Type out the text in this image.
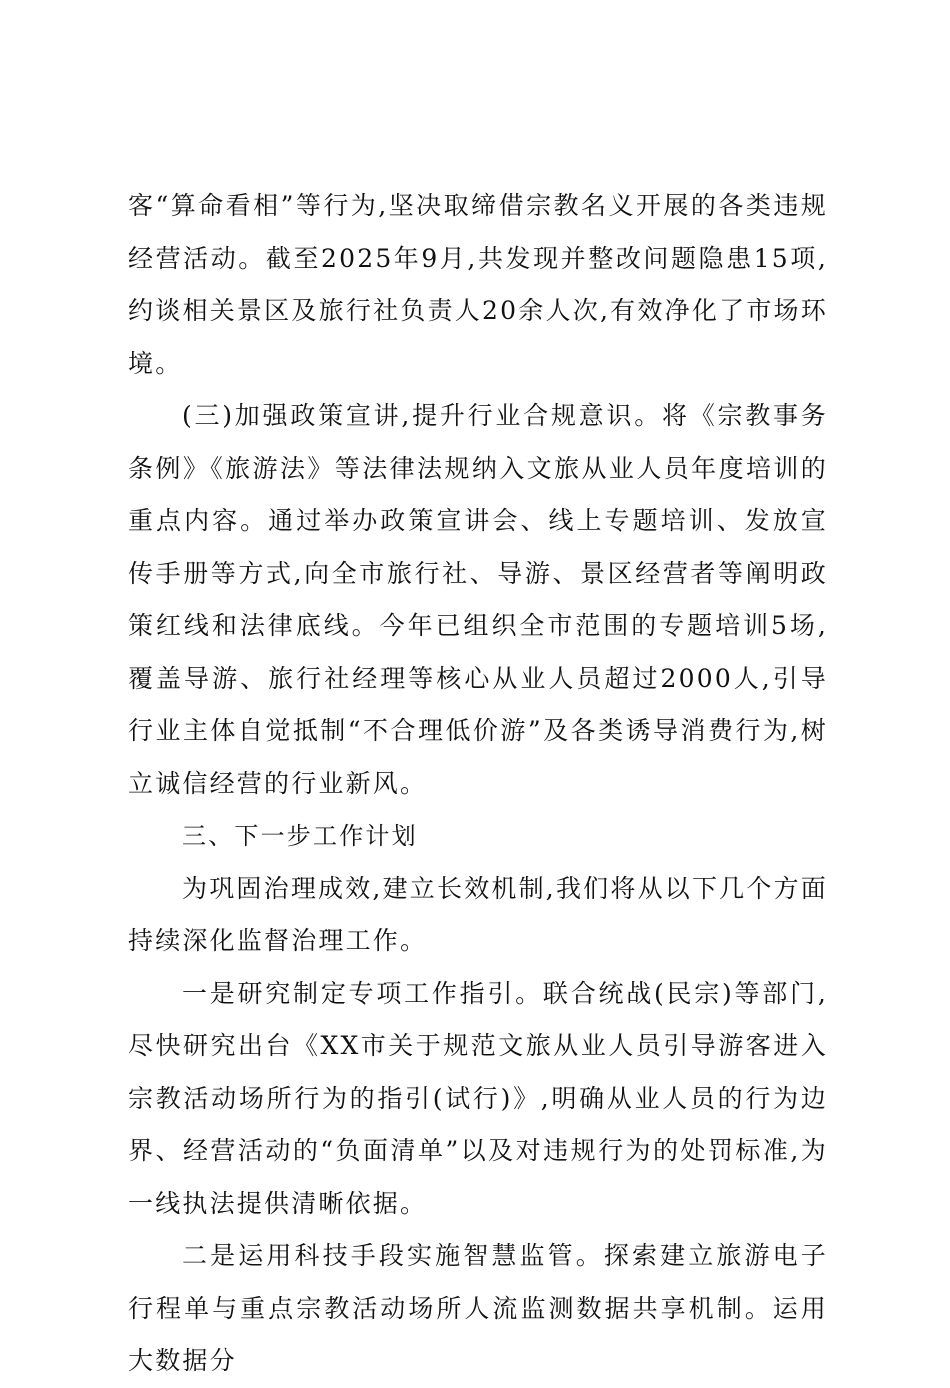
客“算命看相”等行为,坚决取缔借宗教名义开展的各类违规经营活动。截至2025年9月,共发现并整改问题隐患15项,约谈相关景区及旅行社负责人20余人次,有效净化了市场环境。

(三)加强政策宣讲,提升行业合规意识。将《宗教事务条例》《旅游法》等法律法规纳入文旅从业人员年度培训的重点内容。通过举办政策宣讲会、线上专题培训、发放宣传手册等方式,向全市旅行社、导游、景区经营者等阐明政策红线和法律底线。今年已组织全市范围的专题培训5场,覆盖导游、旅行社经理等核心从业人员超过2000人,引导行业主体自觉抵制“不合理低价游”及各类诱导消费行为,树立诚信经营的行业新风。

三、下一步工作计划

为巩固治理成效,建立长效机制,我们将从以下几个方面持续深化监督治理工作。

一是研究制定专项工作指引。联合统战(民宗)等部门,尽快研究出台《XX市关于规范文旅从业人员引导游客进入宗教活动场所行为的指引(试行)》,明确从业人员的行为边界、经营活动的“负面清单”以及对违规行为的处罚标准,为一线执法提供清晰依据。

二是运用科技手段实施智慧监管。探索建立旅游电子行程单与重点宗教活动场所人流监测数据共享机制。运用大数据分
